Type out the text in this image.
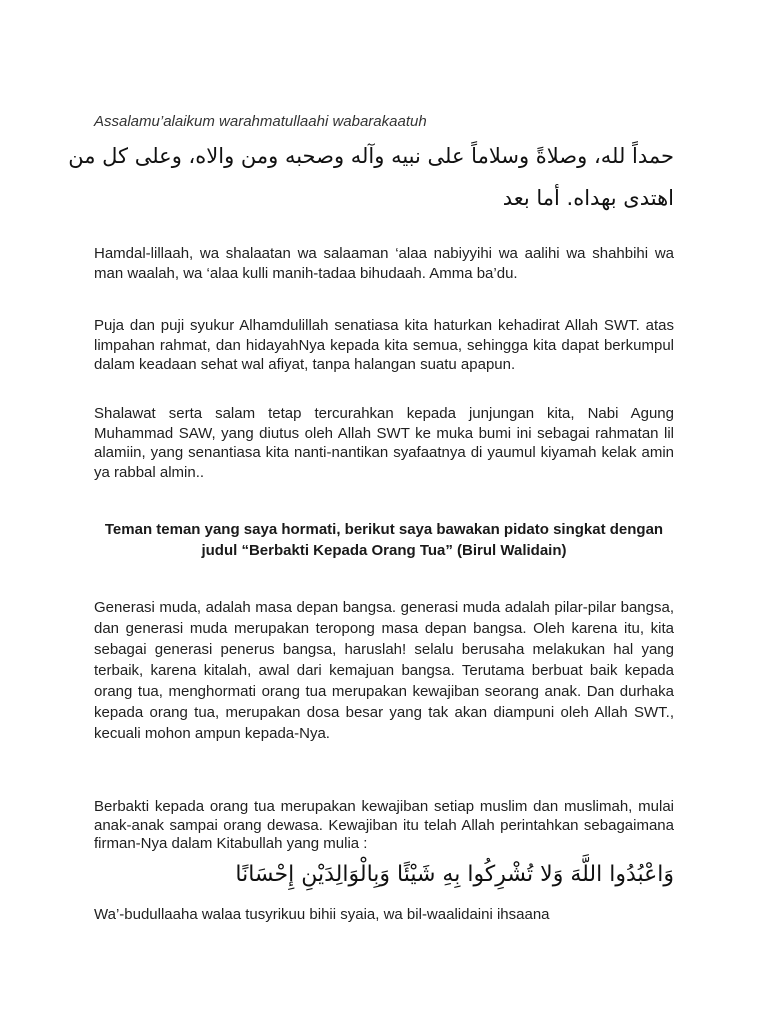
Assalamu’alaikum warahmatullaahi wabarakaatuh
حمداً لله، وصلاةً وسلاماً على نبيه وآله وصحبه ومن والاه، وعلى كل من
اهتدى بهداه. أما بعد

Hamdal-lillaah, wa shalaatan wa salaaman ‘alaa nabiyyihi wa aalihi wa shahbihi wa man waalah, wa ‘alaa kulli manih-tadaa bihudaah. Amma ba’du.

Puja dan puji syukur Alhamdulillah senatiasa kita haturkan kehadirat Allah SWT. atas limpahan rahmat, dan hidayahNya kepada kita semua, sehingga kita dapat berkumpul dalam keadaan sehat wal afiyat, tanpa halangan suatu apapun.

Shalawat serta salam tetap tercurahkan kepada junjungan kita, Nabi Agung Muhammad SAW, yang diutus oleh Allah SWT ke muka bumi ini sebagai rahmatan lil alamiin, yang senantiasa kita nanti-nantikan syafaatnya di yaumul kiyamah kelak amin ya rabbal almin..

Teman teman yang saya hormati, berikut saya bawakan pidato singkat dengan judul “Berbakti Kepada Orang Tua” (Birul Walidain)

Generasi muda, adalah masa depan bangsa. generasi muda adalah pilar-pilar bangsa, dan generasi muda merupakan teropong masa depan bangsa. Oleh karena itu, kita sebagai generasi penerus bangsa, haruslah! selalu berusaha melakukan hal yang terbaik, karena kitalah, awal dari kemajuan bangsa. Terutama berbuat baik kepada orang tua, menghormati orang tua merupakan kewajiban seorang anak. Dan durhaka kepada orang tua, merupakan dosa besar yang tak akan diampuni oleh Allah SWT., kecuali mohon ampun kepada-Nya.

Berbakti kepada orang tua merupakan kewajiban setiap muslim dan muslimah, mulai anak-anak sampai orang dewasa. Kewajiban itu telah Allah perintahkan sebagaimana firman-Nya dalam Kitabullah yang mulia :

وَاعْبُدُوا اللَّهَ وَلا تُشْرِكُوا بِهِ شَيْئًا وَبِالْوَالِدَيْنِ إِحْسَانًا
Wa’-budullaaha walaa tusyrikuu bihii syaia, wa bil-waalidaini ihsaana
